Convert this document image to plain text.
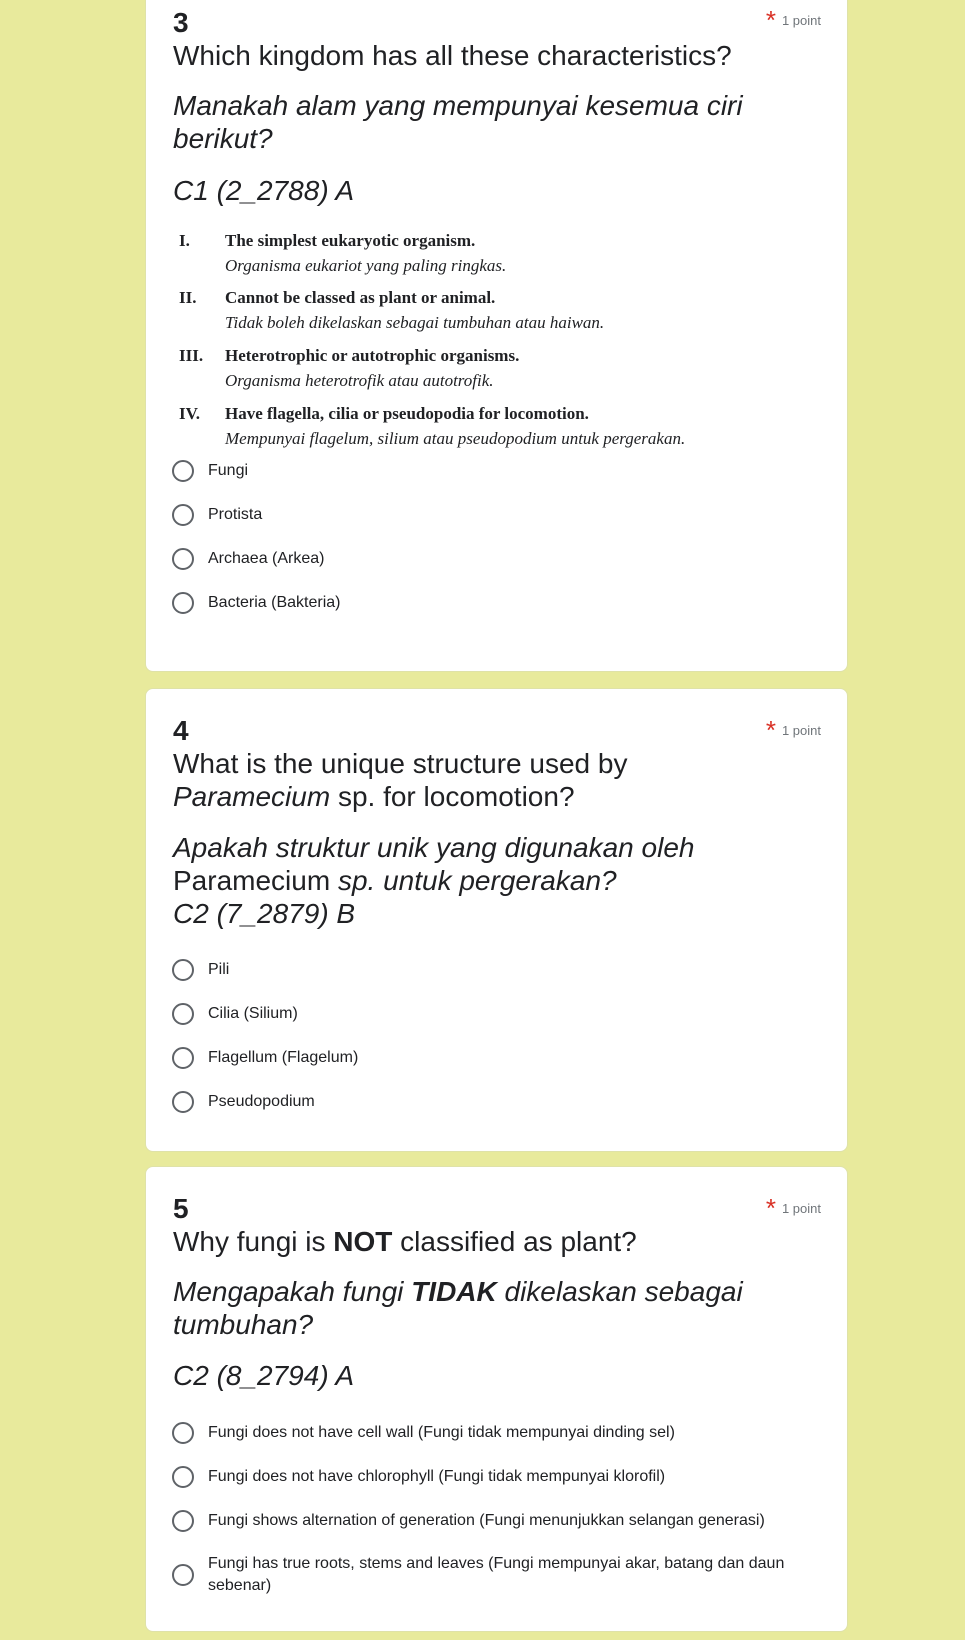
3	* 1 point
Which kingdom has all these characteristics?
Manakah alam yang mempunyai kesemua ciri berikut?
C1 (2_2788) A
I. The simplest eukaryotic organism.
Organisma eukariot yang paling ringkas.
II. Cannot be classed as plant or animal.
Tidak boleh dikelaskan sebagai tumbuhan atau haiwan.
III. Heterotrophic or autotrophic organisms.
Organisma heterotrofik atau autotrofik.
IV. Have flagella, cilia or pseudopodia for locomotion.
Mempunyai flagelum, silium atau pseudopodium untuk pergerakan.
Fungi
Protista
Archaea (Arkea)
Bacteria (Bakteria)
4	* 1 point
What is the unique structure used by
Paramecium sp. for locomotion?
Apakah struktur unik yang digunakan oleh
Paramecium sp. untuk pergerakan?
C2 (7_2879) B
Pili
Cilia (Silium)
Flagellum (Flagelum)
Pseudopodium
5	* 1 point
Why fungi is NOT classified as plant?
Mengapakah fungi TIDAK dikelaskan sebagai tumbuhan?
C2 (8_2794) A
Fungi does not have cell wall (Fungi tidak mempunyai dinding sel)
Fungi does not have chlorophyll (Fungi tidak mempunyai klorofil)
Fungi shows alternation of generation (Fungi menunjukkan selangan generasi)
Fungi has true roots, stems and leaves (Fungi mempunyai akar, batang dan daun sebenar)
